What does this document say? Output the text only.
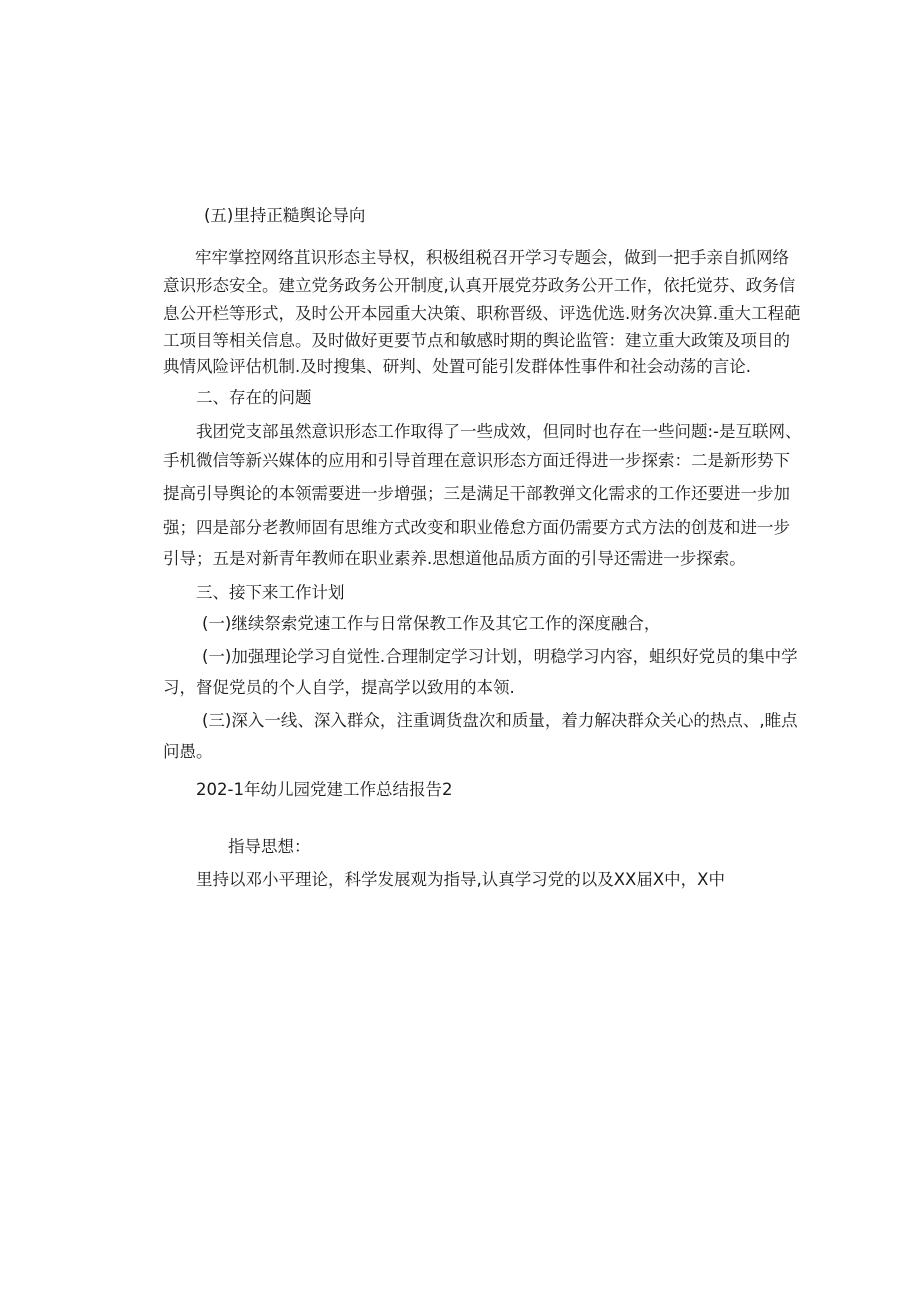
(五)里持正糙舆论导向
牢牢掌控网络苴识形态主导权，积极组税召开学习专题会，做到一把手亲自抓网络
意识形态安全。建立党务政务公开制度,认真开展党芬政务公开工作，依托觉芬、政务信
息公开栏等形式，及时公开本园重大决策、职称晋级、评选优选.财务次决算.重大工程葩
工项目等相关信息。及时做好更要节点和敏感时期的舆论监管：建立重大政策及项目的
典情风险评估机制.及时搜集、研判、处置可能引发群体性事件和社会动荡的言论.
二、存在的问题
我团党支部虽然意识形态工作取得了一些成效，但同时也存在一些问题:-是互联网、
手机微信等新兴媒体的应用和引导首理在意识形态方面迁得进一步探索：二是新形势下
提高引导舆论的本领需要进一步增强；三是满足干部教弹文化需求的工作还要进一步加
强；四是部分老教师固有思维方式改变和职业倦怠方面仍需要方式方法的创芨和进一步
引导；五是对新青年教师在职业素养.思想道他品质方面的引导还需进一步探索。
三、接下来工作计划
(一)继续祭索党速工作与日常保教工作及其它工作的深度融合，
(一)加强理论学习自觉性.合理制定学习计划，明稳学习内容，蛆织好党员的集中学
习，督促党员的个人自学，提高学以致用的本领.
(三)深入一线、深入群众，注重调货盘次和质量，着力解决群众关心的热点、,睢点
问愚。
202-1年幼儿园党建工作总结报告2
指导思想：
里持以邓小平理论，科学发展观为指导,认真学习党的以及XX届X中，X中
